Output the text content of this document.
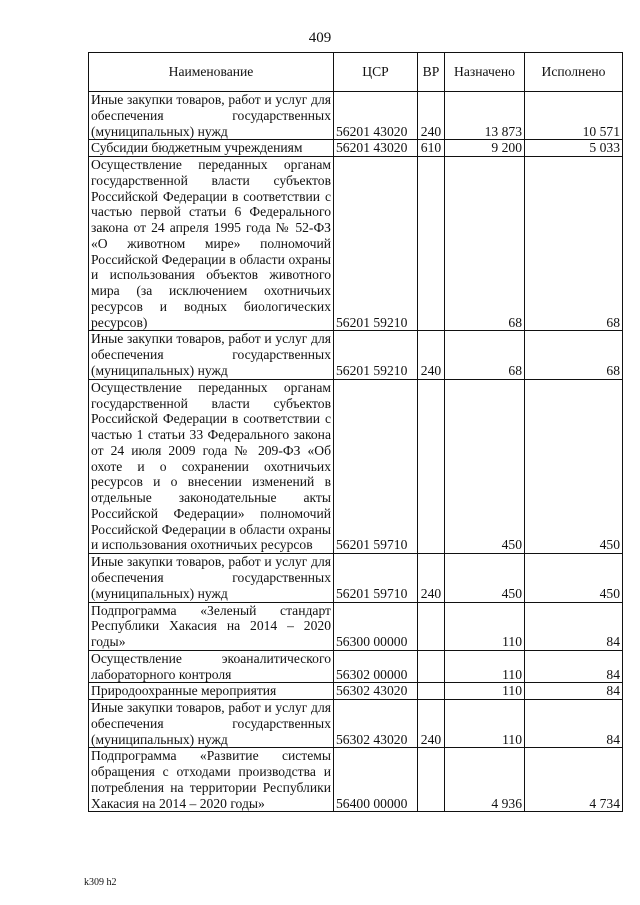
409
Наименование	ЦСР	ВР	Назначено	Исполнено
Иные закупки товаров, работ и услуг для обеспечения государственных (муниципальных) нужд	56201 43020	240	13 873	10 571
Субсидии бюджетным учреждениям	56201 43020	610	9 200	5 033
Осуществление переданных органам государственной власти субъектов Российской Федерации в соответствии с частью первой статьи 6 Федерального закона от 24 апреля 1995 года № 52-ФЗ «О животном мире» полномочий Российской Федерации в области охраны и использования объектов животного мира (за исключением охотничьих ресурсов и водных биологических ресурсов)	56201 59210		68	68
Иные закупки товаров, работ и услуг для обеспечения государственных (муниципальных) нужд	56201 59210	240	68	68
Осуществление переданных органам государственной власти субъектов Российской Федерации в соответствии с частью 1 статьи 33 Федерального закона от 24 июля 2009 года № 209-ФЗ «Об охоте и о сохранении охотничьих ресурсов и о внесении изменений в отдельные законодательные акты Российской Федерации» полномочий Российской Федерации в области охраны и использования охотничьих ресурсов	56201 59710		450	450
Иные закупки товаров, работ и услуг для обеспечения государственных (муниципальных) нужд	56201 59710	240	450	450
Подпрограмма «Зеленый стандарт Республики Хакасия на 2014 – 2020 годы»	56300 00000		110	84
Осуществление экоаналитического лабораторного контроля	56302 00000		110	84
Природоохранные мероприятия	56302 43020		110	84
Иные закупки товаров, работ и услуг для обеспечения государственных (муниципальных) нужд	56302 43020	240	110	84
Подпрограмма «Развитие системы обращения с отходами производства и потребления на территории Республики Хакасия на 2014 – 2020 годы»	56400 00000		4 936	4 734
k309 h2
